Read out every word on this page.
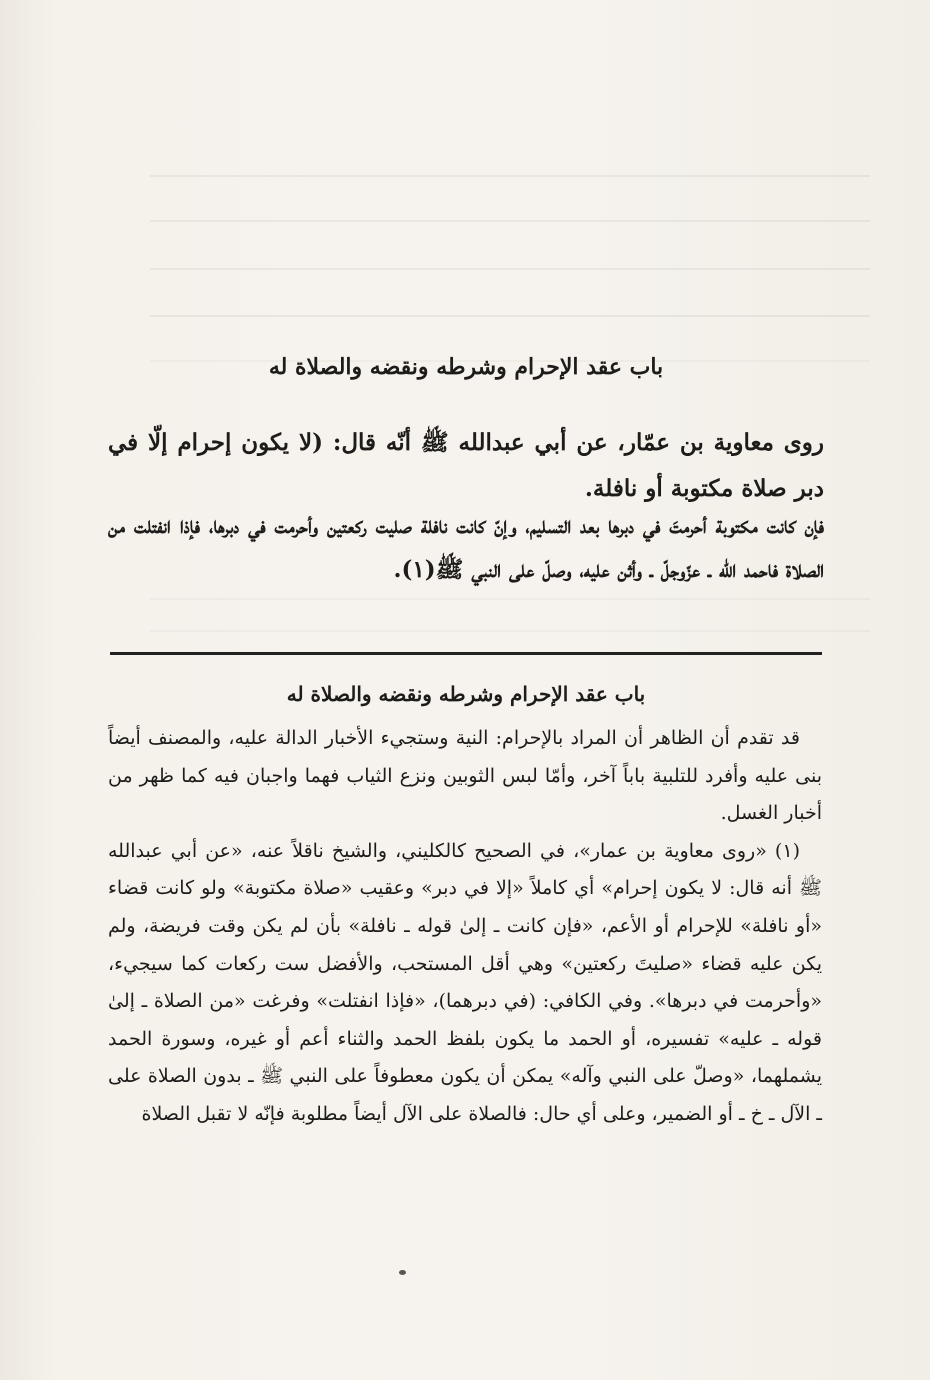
باب عقد الإحرام وشرطه ونقضه والصلاة له
روى معاوية بن عمّار، عن أبي عبدالله ﷺ أنّه قال: (لا يكون إحرام إلّا في دبر صلاة مكتوبة أو نافلة.
فإن كانت مكتوبة أحرمتَ في دبرها بعد التسليم، وإنّ كانت نافلة صليت ركعتين وأحرمت في دبرها، فإذا انفتلت من الصلاة فاحمد الله ـ عزّوجلّ ـ وأثن عليه، وصلّ على النبي ﷺ(١).
باب عقد الإحرام وشرطه ونقضه والصلاة له

قد تقدم أن الظاهر أن المراد بالإحرام: النية وستجيء الأخبار الدالة عليه، والمصنف أيضاً بنى عليه وأفرد للتلبية باباً آخر، وأمّا لبس الثوبين ونزع الثياب فهما واجبان فيه كما ظهر من أخبار الغسل.

(١) «روى معاوية بن عمار»، في الصحيح كالكليني، والشيخ ناقلاً عنه، «عن أبي عبدالله ﷺ أنه قال: لا يكون إحرام» أي كاملاً «إلا في دبر» وعقيب «صلاة مكتوبة» ولو كانت قضاء «أو نافلة» للإحرام أو الأعم، «فإن كانت ـ إلىٰ قوله ـ نافلة» بأن لم يكن وقت فريضة، ولم يكن عليه قضاء «صليتَ ركعتين» وهي أقل المستحب، والأفضل ست ركعات كما سيجيء، «وأحرمت في دبرها». وفي الكافي: (في دبرهما)، «فإذا انفتلت» وفرغت «من الصلاة ـ إلىٰ قوله ـ عليه» تفسيره، أو الحمد ما يكون بلفظ الحمد والثناء أعم أو غيره، وسورة الحمد يشملهما، «وصلّ على النبي وآله» يمكن أن يكون معطوفاً على النبي ﷺ ـ بدون الصلاة على ـ الآل ـ خ ـ أو الضمير، وعلى أي حال: فالصلاة على الآل أيضاً مطلوبة فإنّه لا تقبل الصلاة
